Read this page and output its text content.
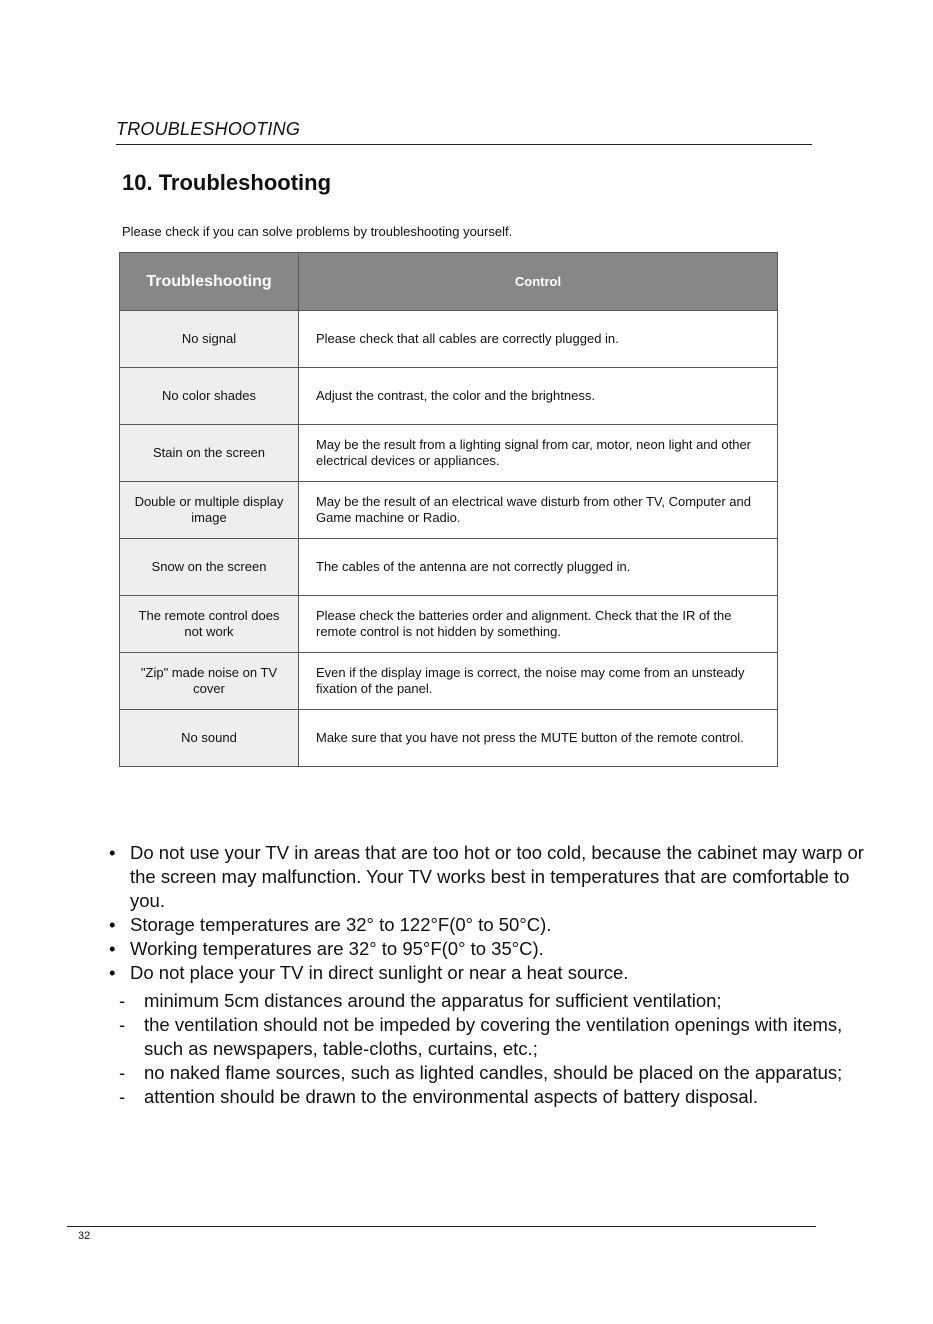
TROUBLESHOOTING
10. Troubleshooting
Please check if you can solve problems by troubleshooting yourself.
Troubleshooting	Control
No signal	Please check that all cables are correctly plugged in.
No color shades	Adjust the contrast, the color and the brightness.
Stain on the screen	May be the result from a lighting signal from car, motor, neon light and other electrical devices or appliances.
Double or multiple display image	May be the result of an electrical wave disturb from other TV, Computer and Game machine or Radio.
Snow on the screen	The cables of the antenna are not correctly plugged in.
The remote control does not work	Please check the batteries order and alignment. Check that the IR of the remote control is not hidden by something.
"Zip" made noise on TV cover	Even if the display image is correct, the noise may come from an unsteady fixation of the panel.
No sound	Make sure that you have not press the MUTE button of the remote control.
• Do not use your TV in areas that are too hot or too cold, because the cabinet may warp or the screen may malfunction. Your TV works best in temperatures that are comfortable to you.
• Storage temperatures are 32° to 122°F(0° to 50°C).
• Working temperatures are 32° to 95°F(0° to 35°C).
• Do not place your TV in direct sunlight or near a heat source.
- minimum 5cm distances around the apparatus for sufficient ventilation;
- the ventilation should not be impeded by covering the ventilation openings with items, such as newspapers, table-cloths, curtains, etc.;
- no naked flame sources, such as lighted candles, should be placed on the apparatus;
- attention should be drawn to the environmental aspects of battery disposal.
32
